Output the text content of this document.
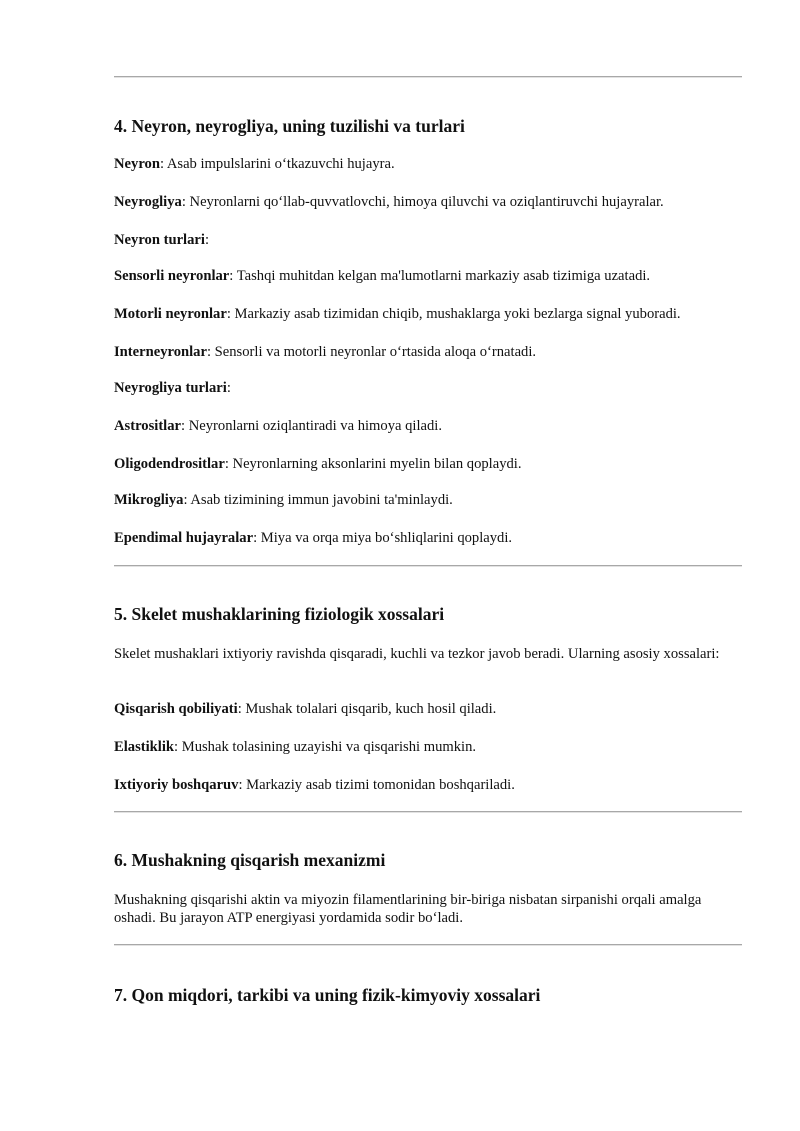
4. Neyron, neyrogliya, uning tuzilishi va turlari

Neyron: Asab impulslarini o‘tkazuvchi hujayra.

Neyrogliya: Neyronlarni qo‘llab-quvvatlovchi, himoya qiluvchi va oziqlantiruvchi hujayralar.

Neyron turlari:

Sensorli neyronlar: Tashqi muhitdan kelgan ma'lumotlarni markaziy asab tizimiga uzatadi.

Motorli neyronlar: Markaziy asab tizimidan chiqib, mushaklarga yoki bezlarga signal yuboradi.

Interneyronlar: Sensorli va motorli neyronlar o‘rtasida aloqa o‘rnatadi.

Neyrogliya turlari:

Astrositlar: Neyronlarni oziqlantiradi va himoya qiladi.

Oligodendrositlar: Neyronlarning aksonlarini myelin bilan qoplaydi.

Mikrogliya: Asab tizimining immun javobini ta'minlaydi.

Ependimal hujayralar: Miya va orqa miya bo‘shliqlarini qoplaydi.

5. Skelet mushaklarining fiziologik xossalari

Skelet mushaklari ixtiyoriy ravishda qisqaradi, kuchli va tezkor javob beradi. Ularning asosiy xossalari:

Qisqarish qobiliyati: Mushak tolalari qisqarib, kuch hosil qiladi.

Elastiklik: Mushak tolasining uzayishi va qisqarishi mumkin.

Ixtiyoriy boshqaruv: Markaziy asab tizimi tomonidan boshqariladi.

6. Mushakning qisqarish mexanizmi

Mushakning qisqarishi aktin va miyozin filamentlarining bir-biriga nisbatan sirpanishi orqali amalga oshadi. Bu jarayon ATP energiyasi yordamida sodir bo‘ladi.

7. Qon miqdori, tarkibi va uning fizik-kimyoviy xossalari
